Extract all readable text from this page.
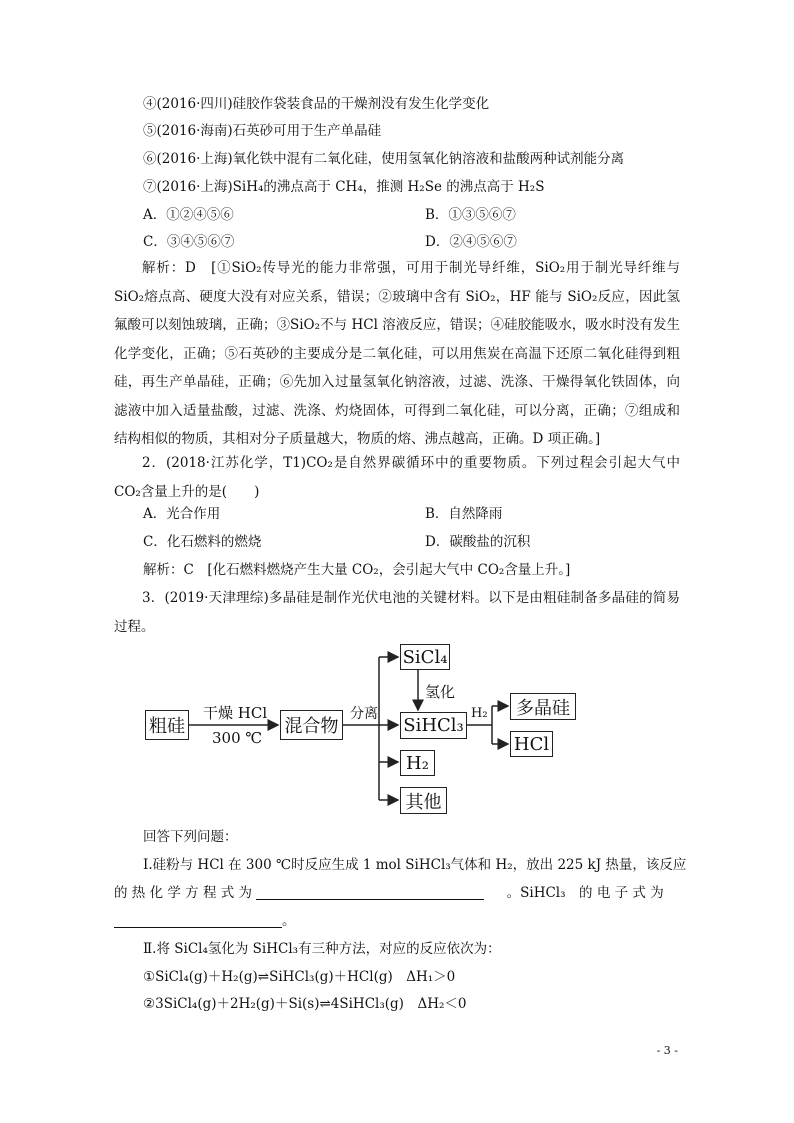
④(2016·四川)硅胶作袋装食品的干燥剂没有发生化学变化
⑤(2016·海南)石英砂可用于生产单晶硅
⑥(2016·上海)氧化铁中混有二氧化硅，使用氢氧化钠溶液和盐酸两种试剂能分离
⑦(2016·上海)SiH₄的沸点高于 CH₄，推测 H₂Se 的沸点高于 H₂S
A．①②④⑤⑥	B．①③⑤⑥⑦
C．③④⑤⑥⑦	D．②④⑤⑥⑦
解析：D　[①SiO₂传导光的能力非常强，可用于制光导纤维，SiO₂用于制光导纤维与 SiO₂熔点高、硬度大没有对应关系，错误；②玻璃中含有 SiO₂，HF 能与 SiO₂反应，因此氢氟酸可以刻蚀玻璃，正确；③SiO₂不与 HCl 溶液反应，错误；④硅胶能吸水，吸水时没有发生化学变化，正确；⑤石英砂的主要成分是二氧化硅，可以用焦炭在高温下还原二氧化硅得到粗硅，再生产单晶硅，正确；⑥先加入过量氢氧化钠溶液，过滤、洗涤、干燥得氧化铁固体，向滤液中加入适量盐酸，过滤、洗涤、灼烧固体，可得到二氧化硅，可以分离，正确；⑦组成和结构相似的物质，其相对分子质量越大，物质的熔、沸点越高，正确。D 项正确。]
2．(2018·江苏化学，T1)CO₂是自然界碳循环中的重要物质。下列过程会引起大气中 CO₂含量上升的是(　　)
A．光合作用	B．自然降雨
C．化石燃料的燃烧	D．碳酸盐的沉积
解析：C　[化石燃料燃烧产生大量 CO₂，会引起大气中 CO₂含量上升。]
3．(2019·天津理综)多晶硅是制作光伏电池的关键材料。以下是由粗硅制备多晶硅的简易过程。
粗硅
干燥 HCl
300 ℃
混合物
分离
SiCl₄
氢化
SiHCl₃
H₂
其他
H₂	多晶硅
HCl
回答下列问题：
Ⅰ.硅粉与 HCl 在 300 ℃时反应生成 1 mol SiHCl₃气体和 H₂，放出 225 kJ 热量，该反应
的 热 化 学 方 程 式 为	。SiHCl₃　的 电 子 式 为
。
Ⅱ.将 SiCl₄氢化为 SiHCl₃有三种方法，对应的反应依次为：
①SiCl₄(g)＋H₂(g)⇌SiHCl₃(g)＋HCl(g)　ΔH₁＞0
②3SiCl₄(g)＋2H₂(g)＋Si(s)⇌4SiHCl₃(g)　ΔH₂＜0
- 3 -
